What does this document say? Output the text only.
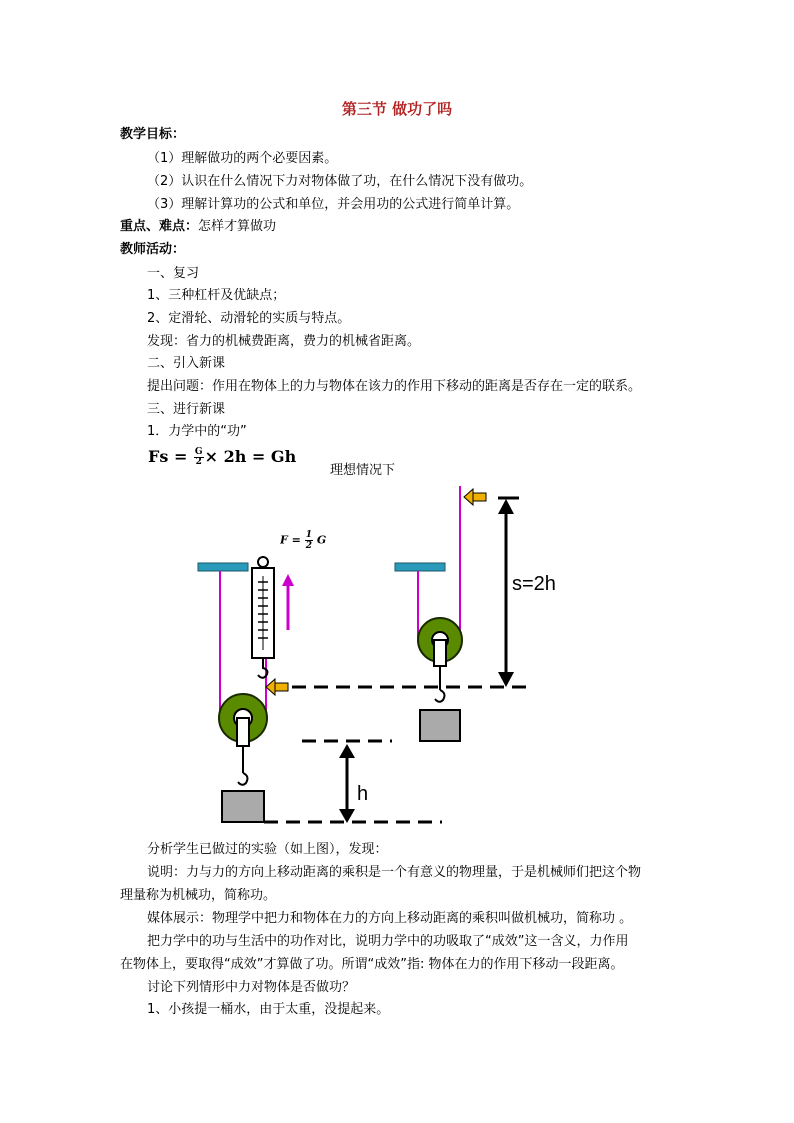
第三节 做功了吗
教学目标：
（1）理解做功的两个必要因素。
（2）认识在什么情况下力对物体做了功，在什么情况下没有做功。
（3）理解计算功的公式和单位，并会用功的公式进行简单计算。
重点、难点：怎样才算做功
教师活动：
一、复习
1、三种杠杆及优缺点；
2、定滑轮、动滑轮的实质与特点。
发现：省力的机械费距离，费力的机械省距离。
二、引入新课
提出问题：作用在物体上的力与物体在该力的作用下移动的距离是否存在一定的联系。
三、进行新课
1．力学中的“功”
$Fs = \frac{G}{2} \times 2h = Gh$
理想情况下
$F = \frac{1}{2}$ G
h
s=2h
分析学生已做过的实验（如上图），发现：
说明：力与力的方向上移动距离的乘积是一个有意义的物理量，于是机械师们把这个物
理量称为机械功，简称功。
媒体展示：物理学中把力和物体在力的方向上移动距离的乘积叫做机械功，简称功 。
把力学中的功与生活中的功作对比，说明力学中的功吸取了“成效”这一含义，力作用
在物体上，要取得“成效”才算做了功。所谓“成效”指: 物体在力的作用下移动一段距离。
讨论下列情形中力对物体是否做功？
1、小孩提一桶水，由于太重，没提起来。
